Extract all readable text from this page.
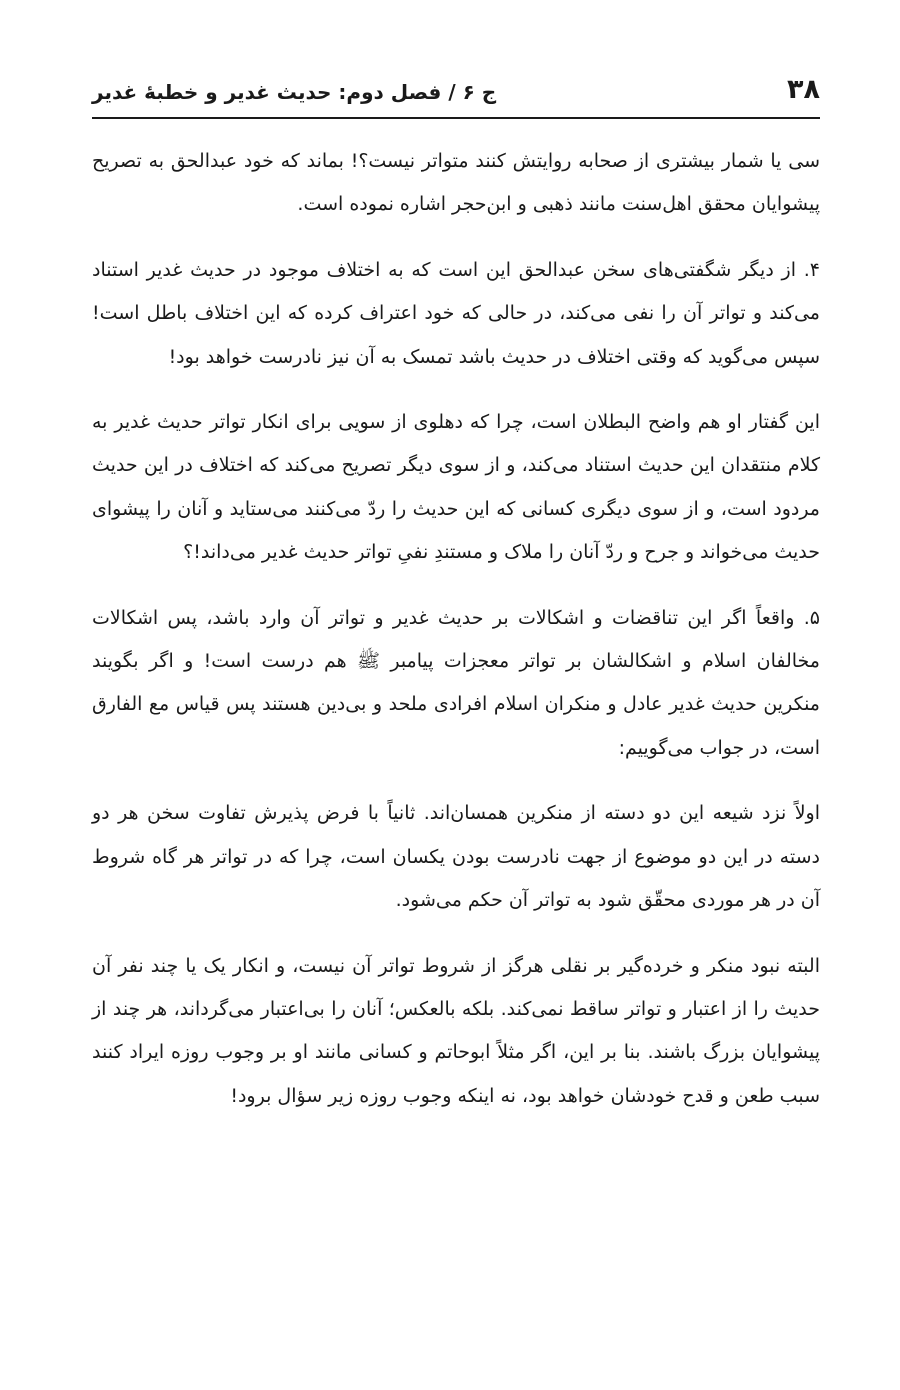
۳۸
ج ۶ / فصل دوم: حدیث غدیر و خطبهٔ غدیر

سی یا شمار بیشتری از صحابه روایتش کنند متواتر نیست؟! بماند که خود عبدالحق به تصریح پیشوایان محقق اهل‌سنت مانند ذهبی و ابن‌حجر اشاره نموده است.

۴. از دیگر شگفتی‌های سخن عبدالحق این است که به اختلاف موجود در حدیث غدیر استناد می‌کند و تواتر آن را نفی می‌کند، در حالی که خود اعتراف کرده که این اختلاف باطل است! سپس می‌گوید که وقتی اختلاف در حدیث باشد تمسک به آن نیز نادرست خواهد بود!

این گفتار او هم واضح البطلان است، چرا که دهلوی از سویی برای انکار تواتر حدیث غدیر به کلام منتقدان این حدیث استناد می‌کند، و از سوی دیگر تصریح می‌کند که اختلاف در این حدیث مردود است، و از سوی دیگری کسانی که این حدیث را ردّ می‌کنند می‌ستاید و آنان را پیشوای حدیث می‌خواند و جرح و ردّ آنان را ملاک و مستندِ نفیِ تواتر حدیث غدیر می‌داند!؟

۵. واقعاً اگر این تناقضات و اشکالات بر حدیث غدیر و تواتر آن وارد باشد، پس اشکالات مخالفان اسلام و اشکالشان بر تواتر معجزات پیامبر ﷺ هم درست است! و اگر بگویند منکرین حدیث غدیر عادل و منکران اسلام افرادی ملحد و بی‌دین هستند پس قیاس مع الفارق است، در جواب می‌گوییم:

اولاً نزد شیعه این دو دسته از منکرین همسان‌اند. ثانیاً با فرض پذیرش تفاوت سخن هر دو دسته در این دو موضوع از جهت نادرست بودن یکسان است، چرا که در تواتر هر گاه شروط آن در هر موردی محقّق شود به تواتر آن حکم می‌شود.

البته نبود منکر و خرده‌گیر بر نقلی هرگز از شروط تواتر آن نیست، و انکار یک یا چند نفر آن حدیث را از اعتبار و تواتر ساقط نمی‌کند. بلکه بالعکس؛ آنان را بی‌اعتبار می‌گرداند، هر چند از پیشوایان بزرگ باشند. بنا بر این، اگر مثلاً ابوحاتم و کسانی مانند او بر وجوب روزه ایراد کنند سبب طعن و قدح خودشان خواهد بود، نه اینکه وجوب روزه زیر سؤال برود!
